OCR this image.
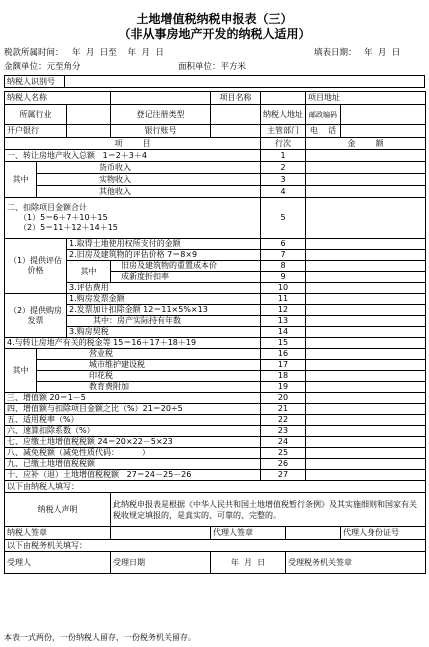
土地增值税纳税申报表（三）
（非从事房地产开发的纳税人适用）
税款所属时间： 年  月  日至    年  月  日	填表日期： 年  月  日
金额单位：元至角分	面积单位：平方米
纳税人识别号	
纳税人名称				项目名称			项目地址	
所属行业			登记注册类型		纳税人地址		邮政编码	
开户银行			银行账号		主管部门		电    话	
项        目					行次		金        额	
一、转让房地产收入总额   1＝2＋3＋4					1			
其中	货币收入				2			
	实物收入				3			
	其他收入				4			

二、扣除项目金额合计
（1）5＝6＋7＋10＋15
（2）5＝11＋12＋14＋15					5			
（1）提供评估价格		1.取得土地使用权所支付的金额			6			
		2.旧房及建筑物的评估价格 7＝8×9			7			
		其中	旧房及建筑物的重置成本价		8			
			成新度折扣率		9			
		3.评估费用			10			
（2）提供购房发票		1.购房发票金额			11			
		2.发票加计扣除金额 12＝11×5%×13			12			
		其中：房产实际持有年数			13			
		3.购房契税			14			
4.与转让房地产有关的税金等 15＝16＋17＋18＋19					15			
其中	营业税				16			
	城市维护建设税				17			
	印花税				18			
	教育费附加				19			
三、增值额 20＝1－5					20			
四、增值额与扣除项目金额之比（%）21＝20÷5					21			
五、适用税率（%）					22			
六、速算扣除系数（%）					23			
七、应缴土地增值税税额 24＝20×22－5×23					24			
八、减免税额（减免性质代码：         ）					25			
九、已缴土地增值税税额					26			
十、应补（退）土地增值税税额   27＝24－25－26					27			
以下由纳税人填写：								
纳税人声明			此纳税申报表是根据《中华人民共和国土地增值税暂行条例》及其实施细则和国家有关税收规定填报的，是真实的、可靠的、完整的。					
纳税人签章				代理人签章				代理人身份证号
以下由税务机关填写：								
受理人			受理日期	年  月  日		受理税务机关签章		
本表一式两份，一份纳税人留存，一份税务机关留存。
